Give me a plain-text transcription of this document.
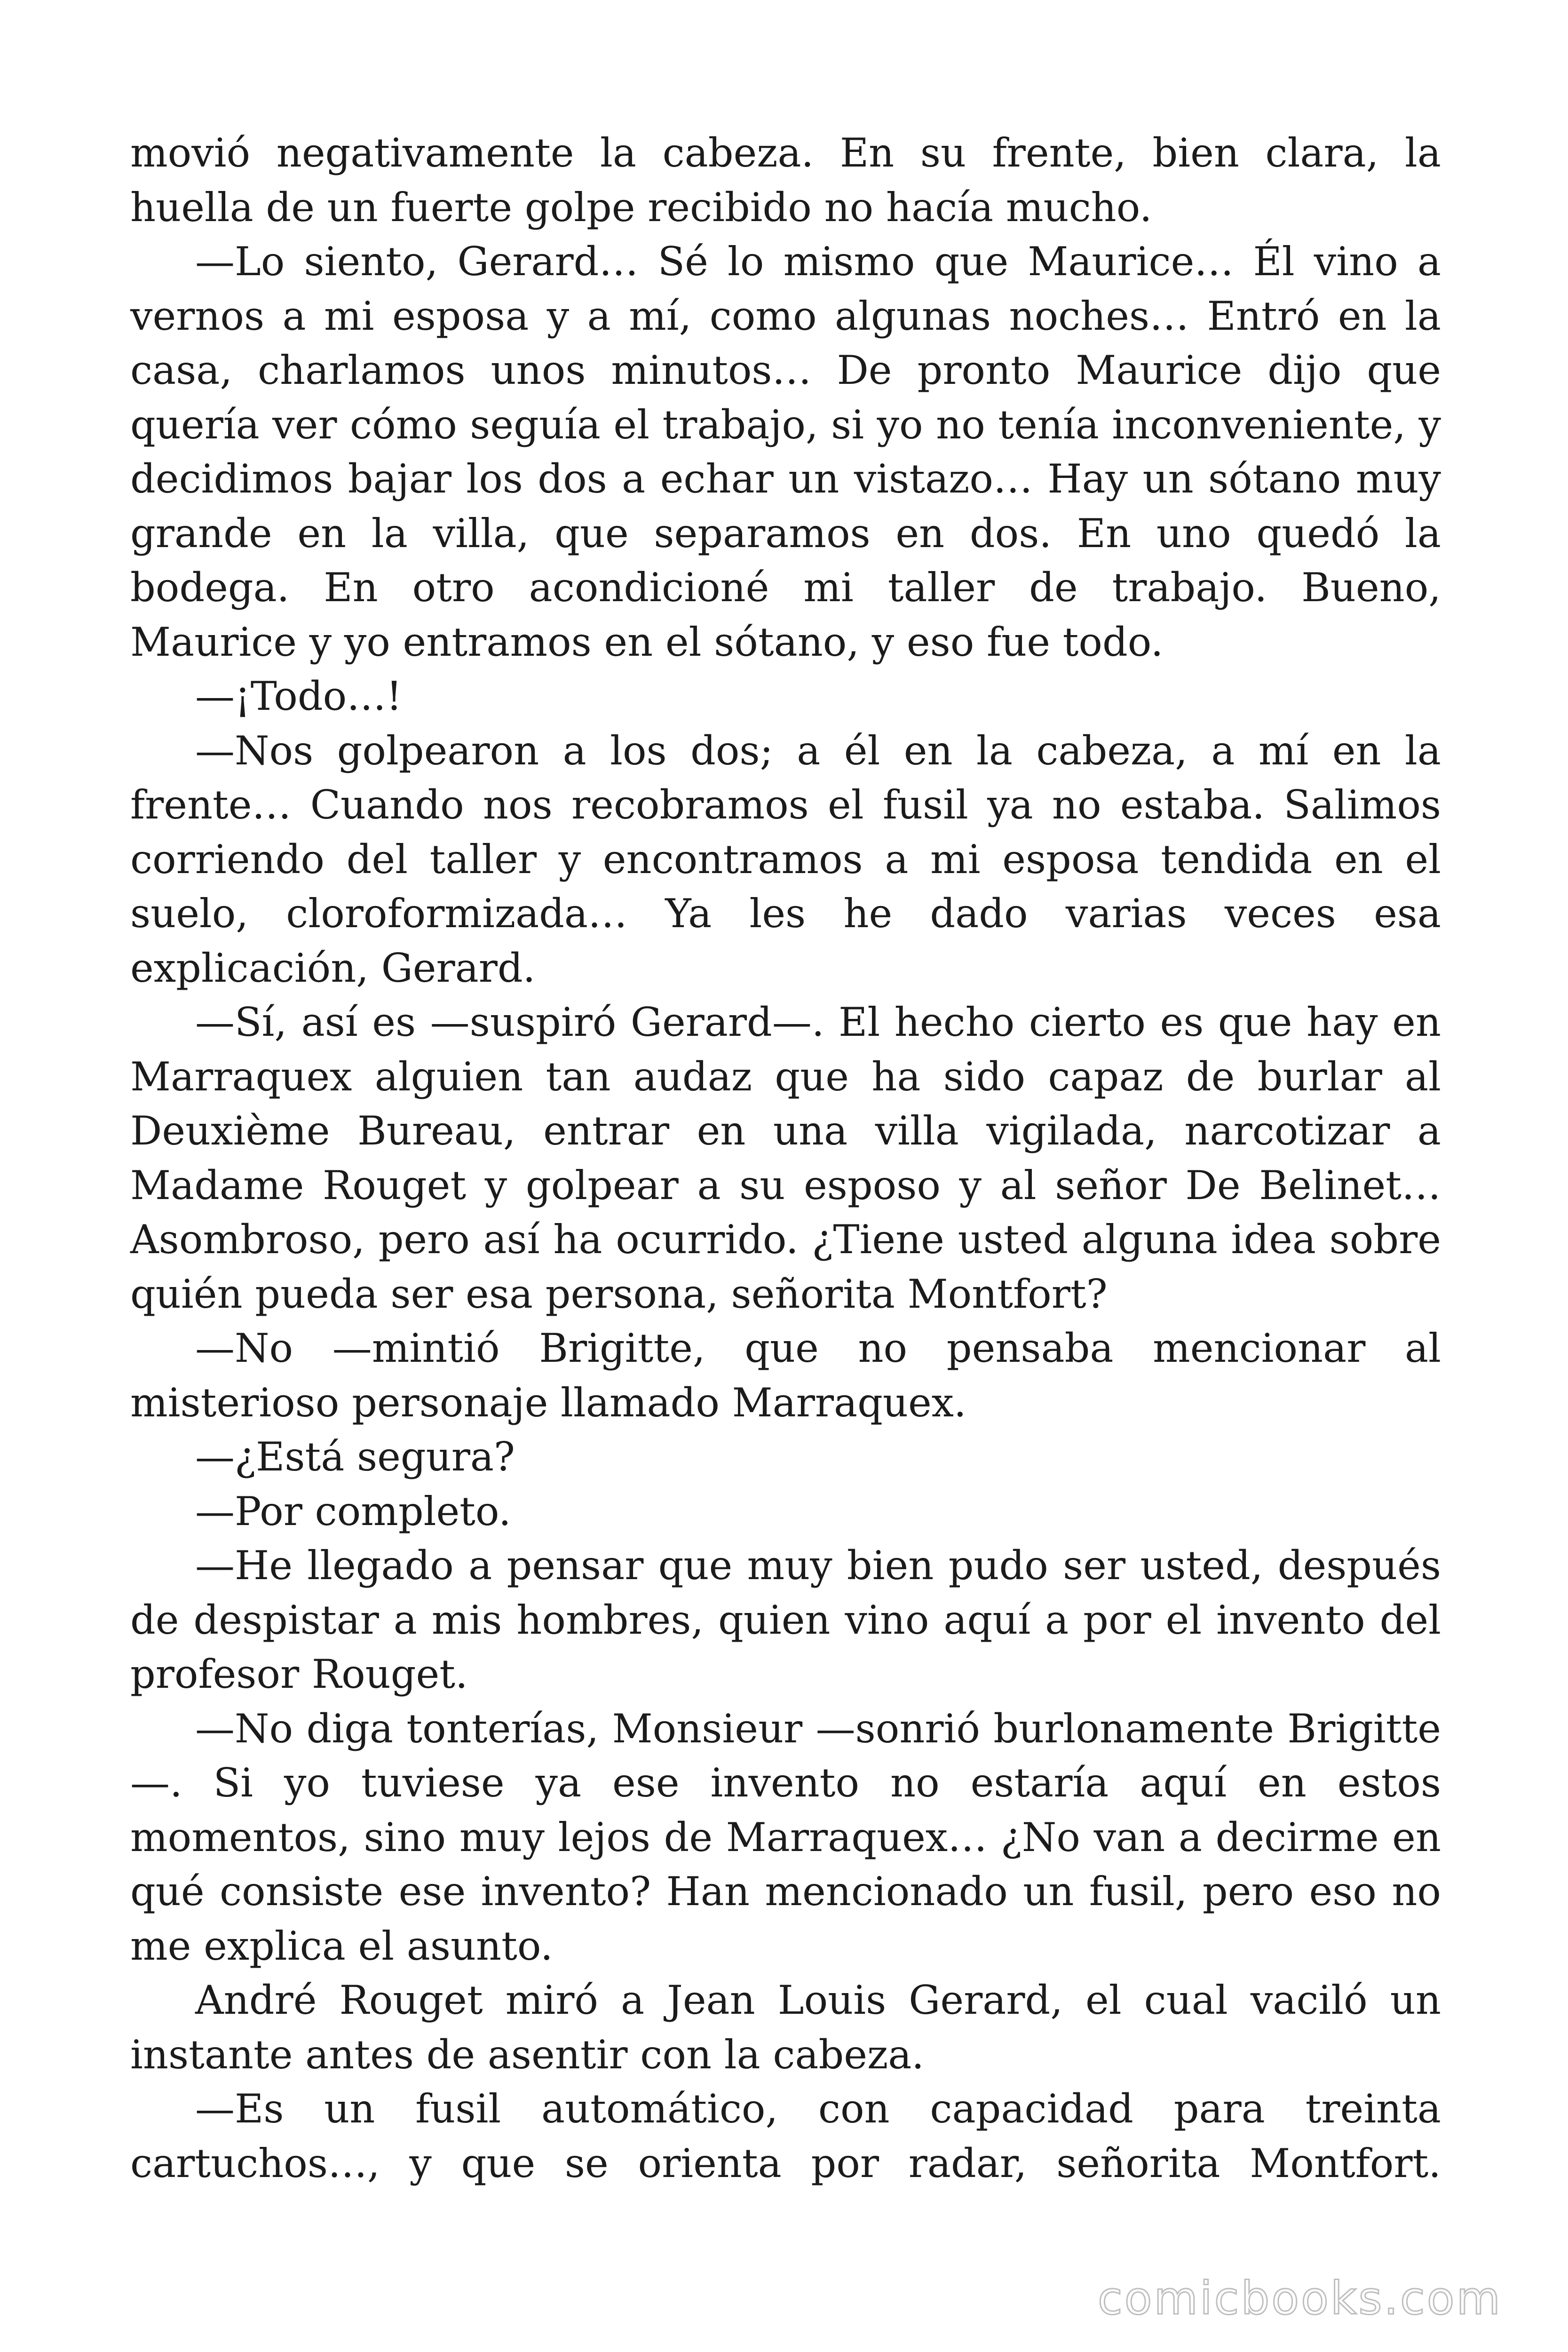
movió negativamente la cabeza. En su frente, bien clara, la huella de un fuerte golpe recibido no hacía mucho.

—Lo siento, Gerard… Sé lo mismo que Maurice… Él vino a vernos a mi esposa y a mí, como algunas noches… Entró en la casa, charlamos unos minutos… De pronto Maurice dijo que quería ver cómo seguía el trabajo, si yo no tenía inconveniente, y decidimos bajar los dos a echar un vistazo… Hay un sótano muy grande en la villa, que separamos en dos. En uno quedó la bodega. En otro acondicioné mi taller de trabajo. Bueno, Maurice y yo entramos en el sótano, y eso fue todo.

—¡Todo…!

—Nos golpearon a los dos; a él en la cabeza, a mí en la frente… Cuando nos recobramos el fusil ya no estaba. Salimos corriendo del taller y encontramos a mi esposa tendida en el suelo, cloroformizada… Ya les he dado varias veces esa explicación, Gerard.

—Sí, así es —suspiró Gerard—. El hecho cierto es que hay en Marraquex alguien tan audaz que ha sido capaz de burlar al Deuxième Bureau, entrar en una villa vigilada, narcotizar a Madame Rouget y golpear a su esposo y al señor De Belinet… Asombroso, pero así ha ocurrido. ¿Tiene usted alguna idea sobre quién pueda ser esa persona, señorita Montfort?

—No —mintió Brigitte, que no pensaba mencionar al misterioso personaje llamado Marraquex.

—¿Está segura?

—Por completo.

—He llegado a pensar que muy bien pudo ser usted, después de despistar a mis hombres, quien vino aquí a por el invento del profesor Rouget.

—No diga tonterías, Monsieur —sonrió burlonamente Brigitte—. Si yo tuviese ya ese invento no estaría aquí en estos momentos, sino muy lejos de Marraquex… ¿No van a decirme en qué consiste ese invento? Han mencionado un fusil, pero eso no me explica el asunto.

André Rouget miró a Jean Louis Gerard, el cual vaciló un instante antes de asentir con la cabeza.

—Es un fusil automático, con capacidad para treinta cartuchos…, y que se orienta por radar, señorita Montfort.

comicbooks.com
